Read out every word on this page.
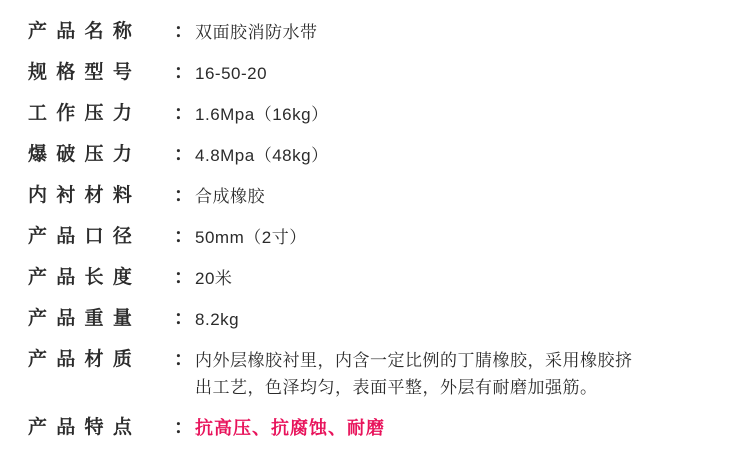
产 品 名 称	： 双面胶消防水带
规 格 型 号	： 16-50-20
工 作 压 力	： 1.6Mpa（16kg）
爆 破 压 力	： 4.8Mpa（48kg）
内 衬 材 料	： 合成橡胶
产 品 口 径	： 50mm（2寸）
产 品 长 度	： 20米
产 品 重 量	： 8.2kg
产 品 材 质	： 内外层橡胶衬里，内含一定比例的丁腈橡胶，采用橡胶挤
出工艺，色泽均匀，表面平整，外层有耐磨加强筋。
产 品 特 点	： 抗高压、抗腐蚀、耐磨
